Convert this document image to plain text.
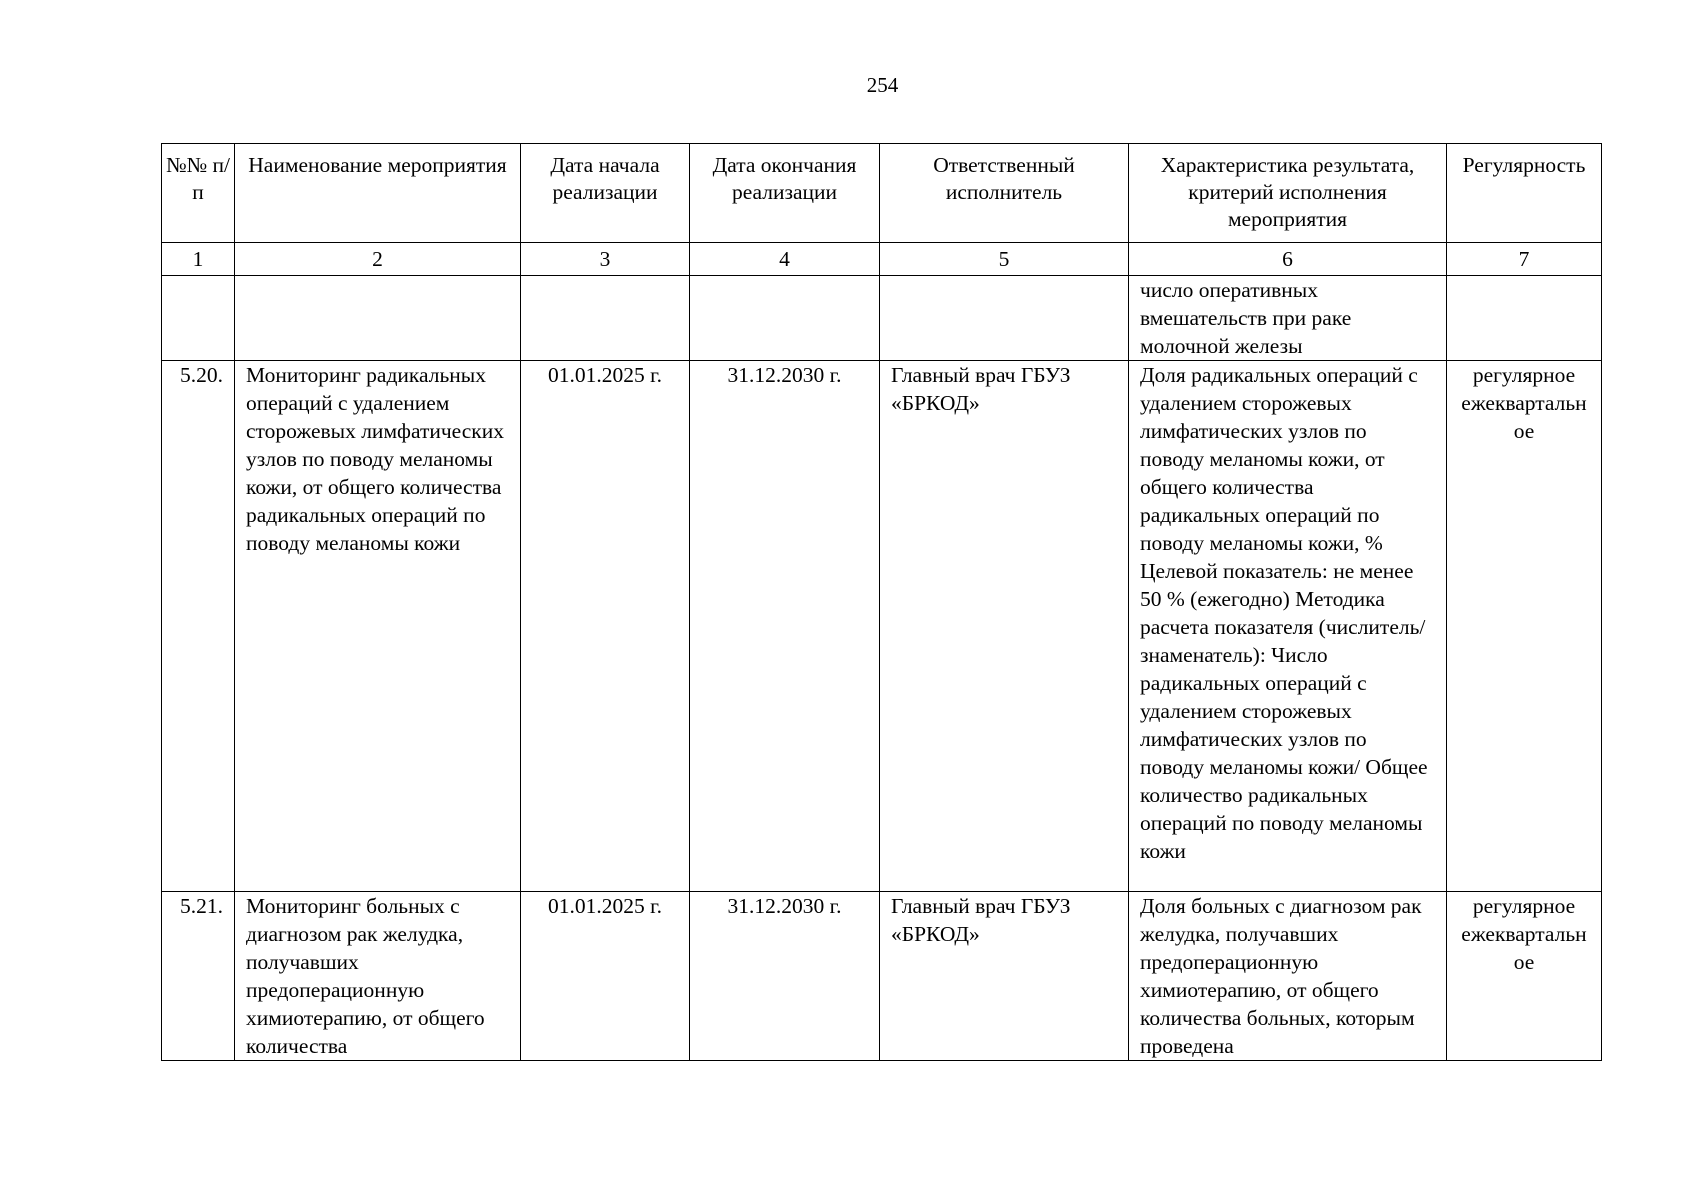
254
№№ п/п	Наименование мероприятия	Дата начала реализации	Дата окончания реализации	Ответственный исполнитель	Характеристика результата, критерий исполнения мероприятия	Регулярность
1	2	3	4	5	6	7
					число оперативных вмешательств при раке молочной железы	
5.20.	Мониторинг радикальных операций с удалением сторожевых лимфатических узлов по поводу меланомы кожи, от общего количества радикальных операций по поводу меланомы кожи	01.01.2025 г.	31.12.2030 г.	Главный врач ГБУЗ «БРКОД»	Доля радикальных операций с удалением сторожевых лимфатических узлов по поводу меланомы кожи, от общего количества радикальных операций по поводу меланомы кожи, % Целевой показатель: не менее 50 % (ежегодно) Методика расчета показателя (числитель/знаменатель): Число радикальных операций с удалением сторожевых лимфатических узлов по поводу меланомы кожи/ Общее количество радикальных операций по поводу меланомы кожи	регулярное ежеквартальное
5.21.	Мониторинг больных с диагнозом рак желудка, получавших предоперационную химиотерапию, от общего количества	01.01.2025 г.	31.12.2030 г.	Главный врач ГБУЗ «БРКОД»	Доля больных с диагнозом рак желудка, получавших предоперационную химиотерапию, от общего количества больных, которым проведена	регулярное ежеквартальное
